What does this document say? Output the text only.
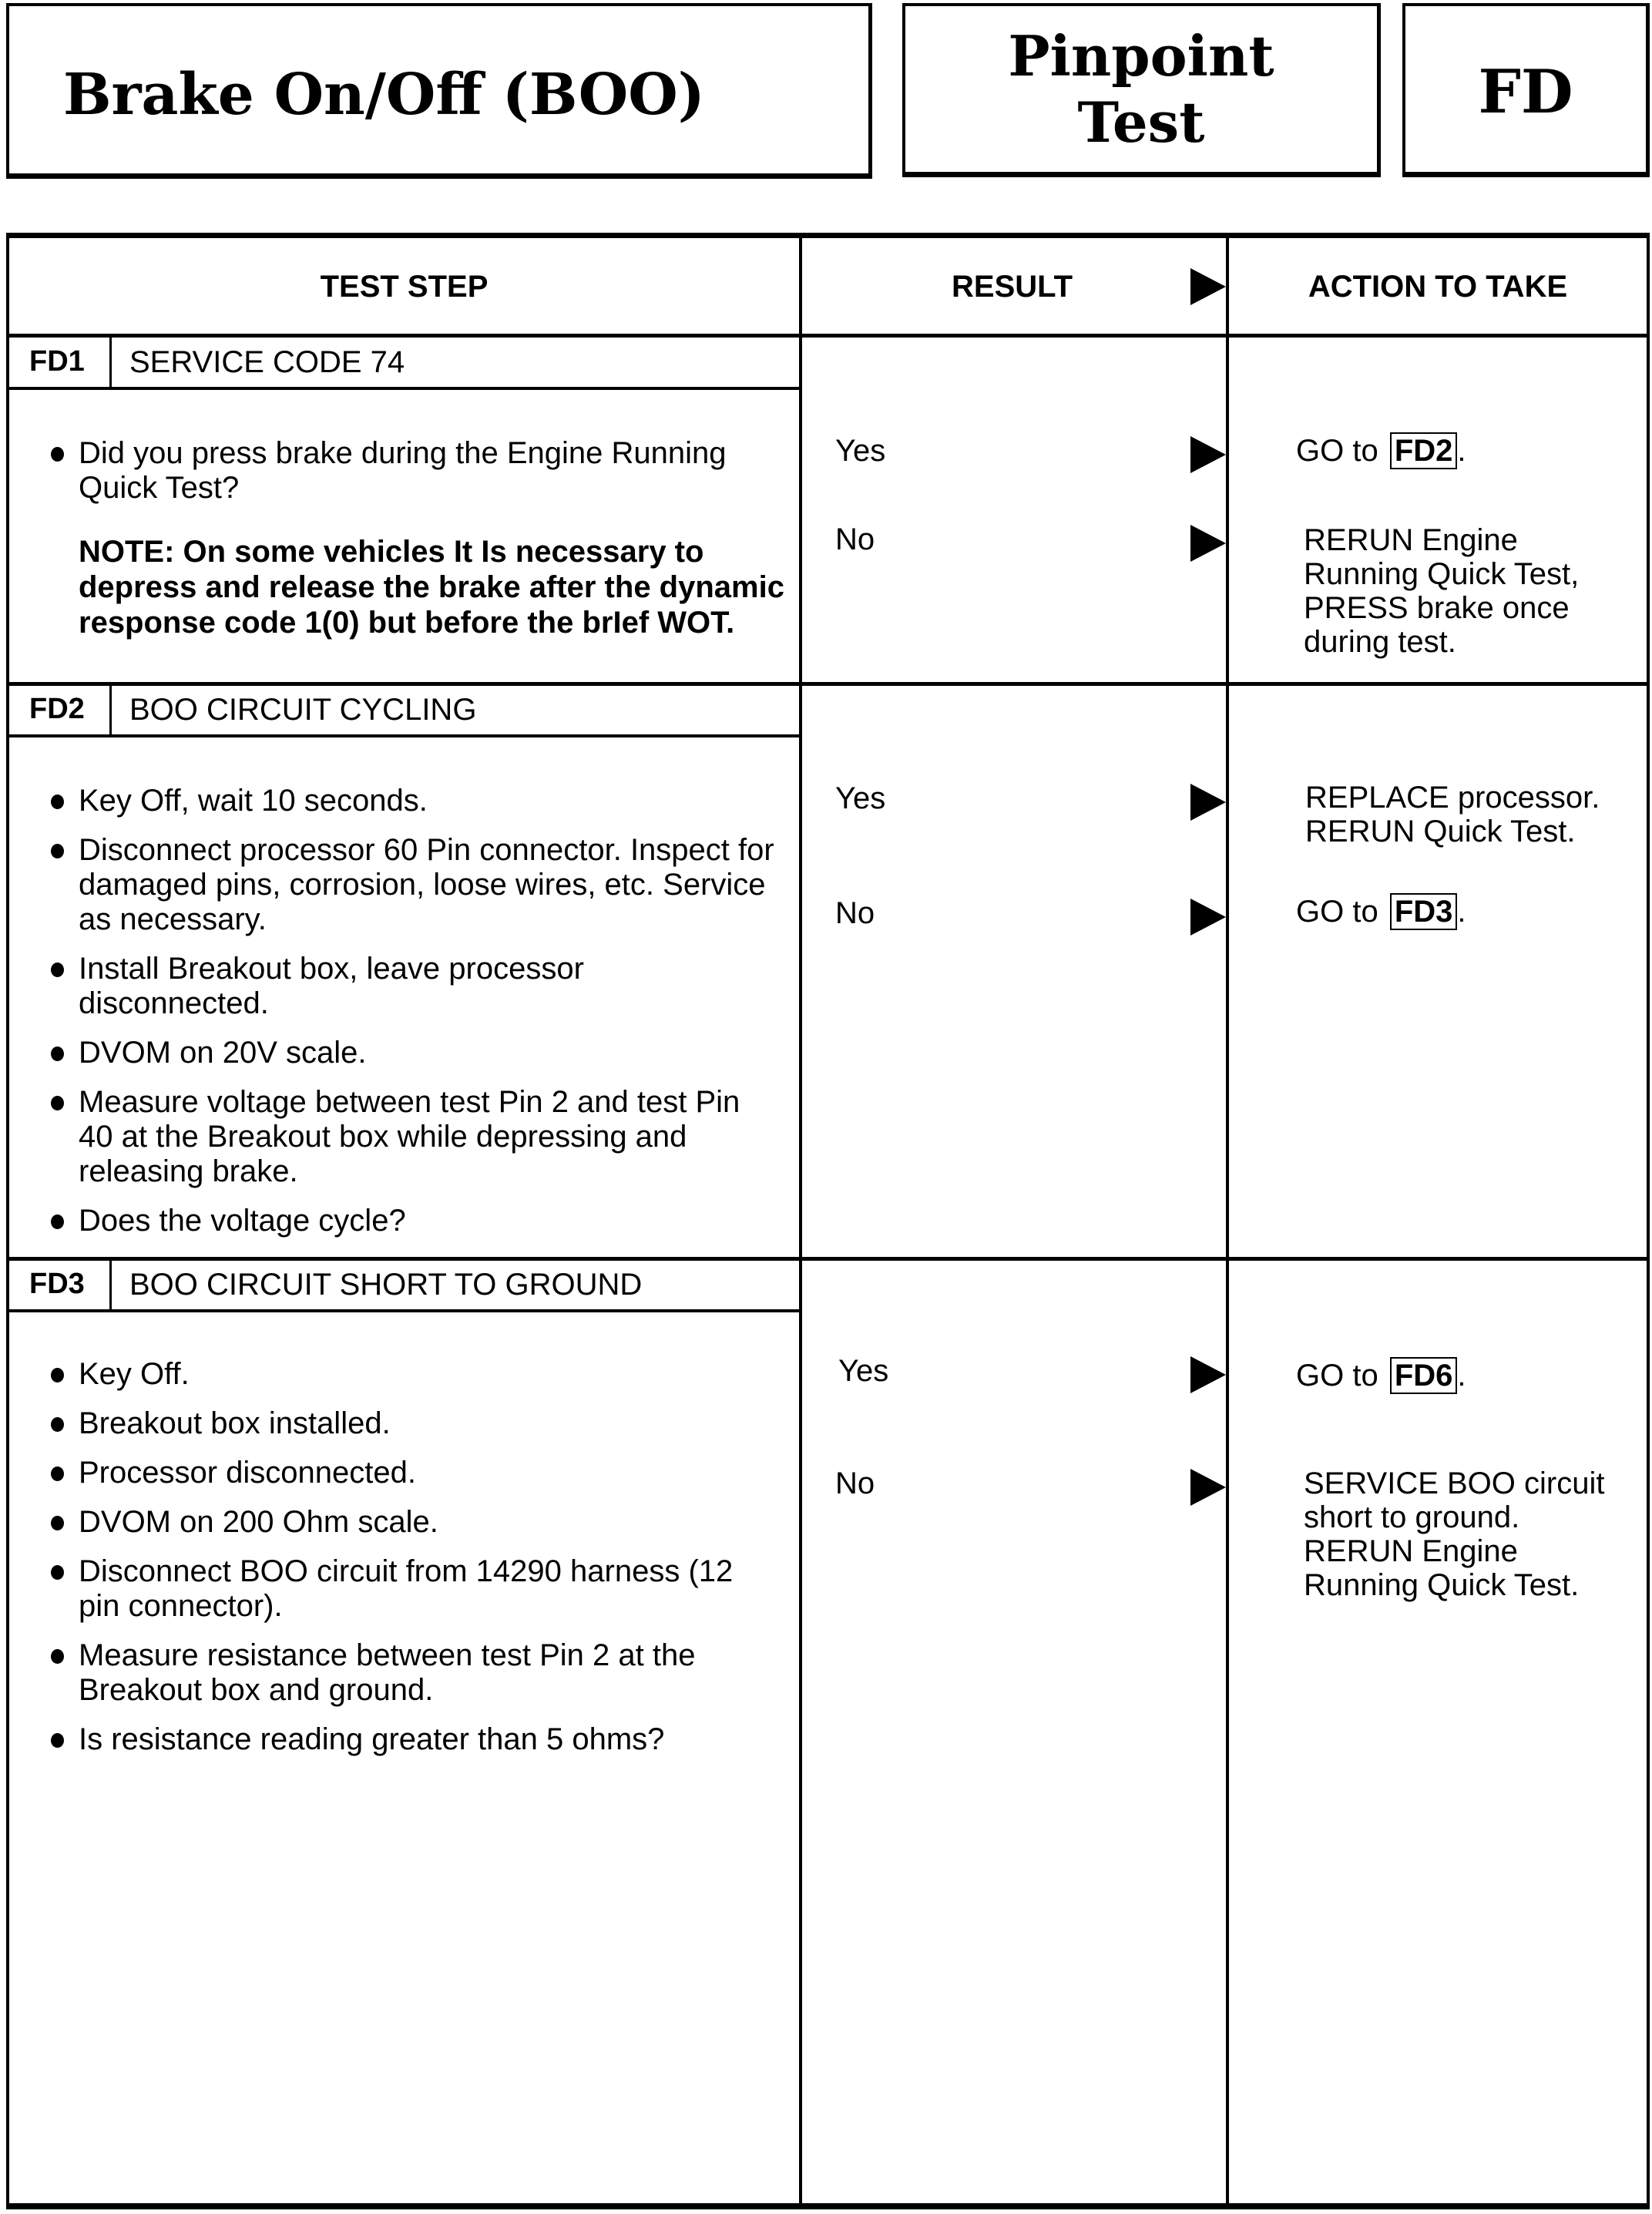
Brake On/Off (BOO)
Pinpoint
Test	FD
TEST STEP	RESULT	ACTION TO TAKE
FD1 SERVICE CODE 74
Did you press brake during the Engine Running Quick Test?
NOTE: On some vehicles It Is necessary to depress and release the brake after the dynamic response code 1(0) but before the brIef WOT.
Yes	GO to FD2 .
No	RERUN Engine Running Quick Test, PRESS brake once during test.
FD2 BOO CIRCUIT CYCLING
Key Off, wait 10 seconds.
Disconnect processor 60 Pin connector. Inspect for damaged pins, corrosion, loose wires, etc. Service as necessary.
Install Breakout box, leave processor disconnected.
DVOM on 20V scale.
Measure voltage between test Pin 2 and test Pin 40 at the Breakout box while depressing and releasing brake.
Does the voltage cycle?
Yes	REPLACE processor. RERUN Quick Test.
No	GO to FD3 .
FD3 BOO CIRCUIT SHORT TO GROUND
Key Off.
Breakout box installed.
Processor disconnected.
DVOM on 200 Ohm scale.
Disconnect BOO circuit from 14290 harness (12 pin connector).
Measure resistance between test Pin 2 at the Breakout box and ground.
Is resistance reading greater than 5 ohms?
Yes	GO to FD6 .
No	SERVICE BOO circuit short to ground. RERUN Engine Running Quick Test.
